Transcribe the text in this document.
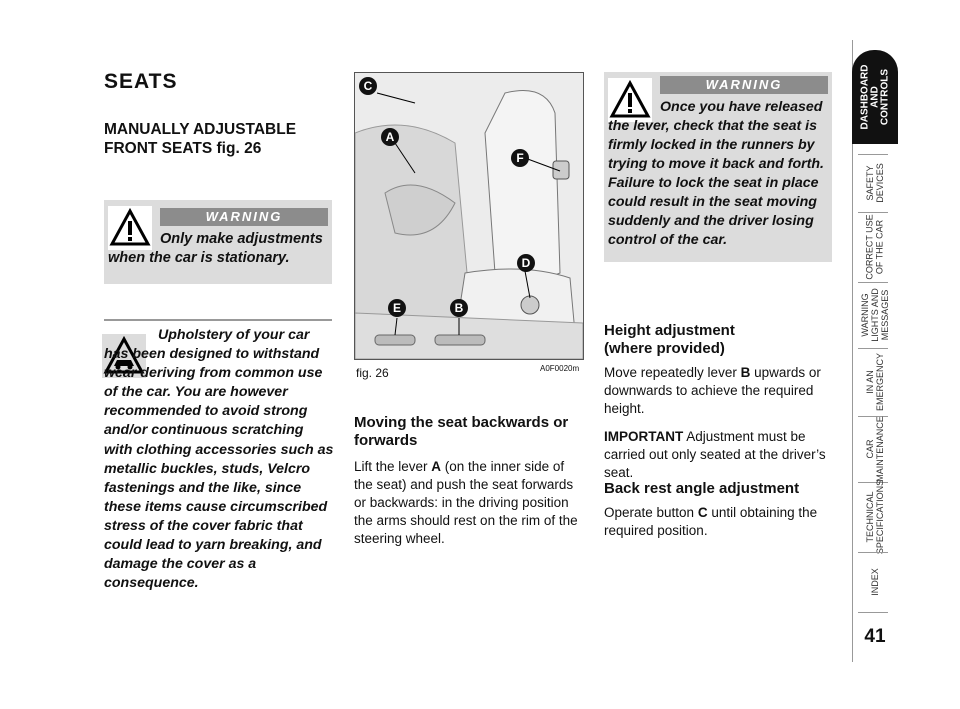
SEATS
MANUALLY ADJUSTABLE FRONT SEATS fig. 26
WARNING
Only make adjustments when the car is stationary.
Upholstery of your car has been designed to withstand wear deriving from common use of the car. You are however recommended to avoid strong and/or continuous scratching with clothing accessories such as metallic buckles, studs, Velcro fastenings and the like, since these items cause circumscribed stress of the cover fabric that could lead to yarn breaking, and damage the cover as a consequence.
C
A
F
D
E	B
fig. 26	A0F0020m
Moving the seat backwards or forwards
Lift the lever A (on the inner side of the seat) and push the seat forwards or backwards: in the driving position the arms should rest on the rim of the steering wheel.
WARNING
Once you have released the lever, check that the seat is firmly locked in the runners by trying to move it back and forth. Failure to lock the seat in place could result in the seat moving suddenly and the driver losing control of the car.
Height adjustment (where provided)
Move repeatedly lever B upwards or downwards to achieve the required height.
IMPORTANT Adjustment must be carried out only seated at the driver’s seat.
Back rest angle adjustment
Operate button C until obtaining the required position.
DASHBOARD
AND
CONTROLS
SAFETY
DEVICES
CORRECT USE
OF THE CAR
WARNING
LIGHTS AND
MESSAGES
IN AN
EMERGENCY
CAR
MAINTENANCE
TECHNICAL
SPECIFICATIONS
INDEX
41
